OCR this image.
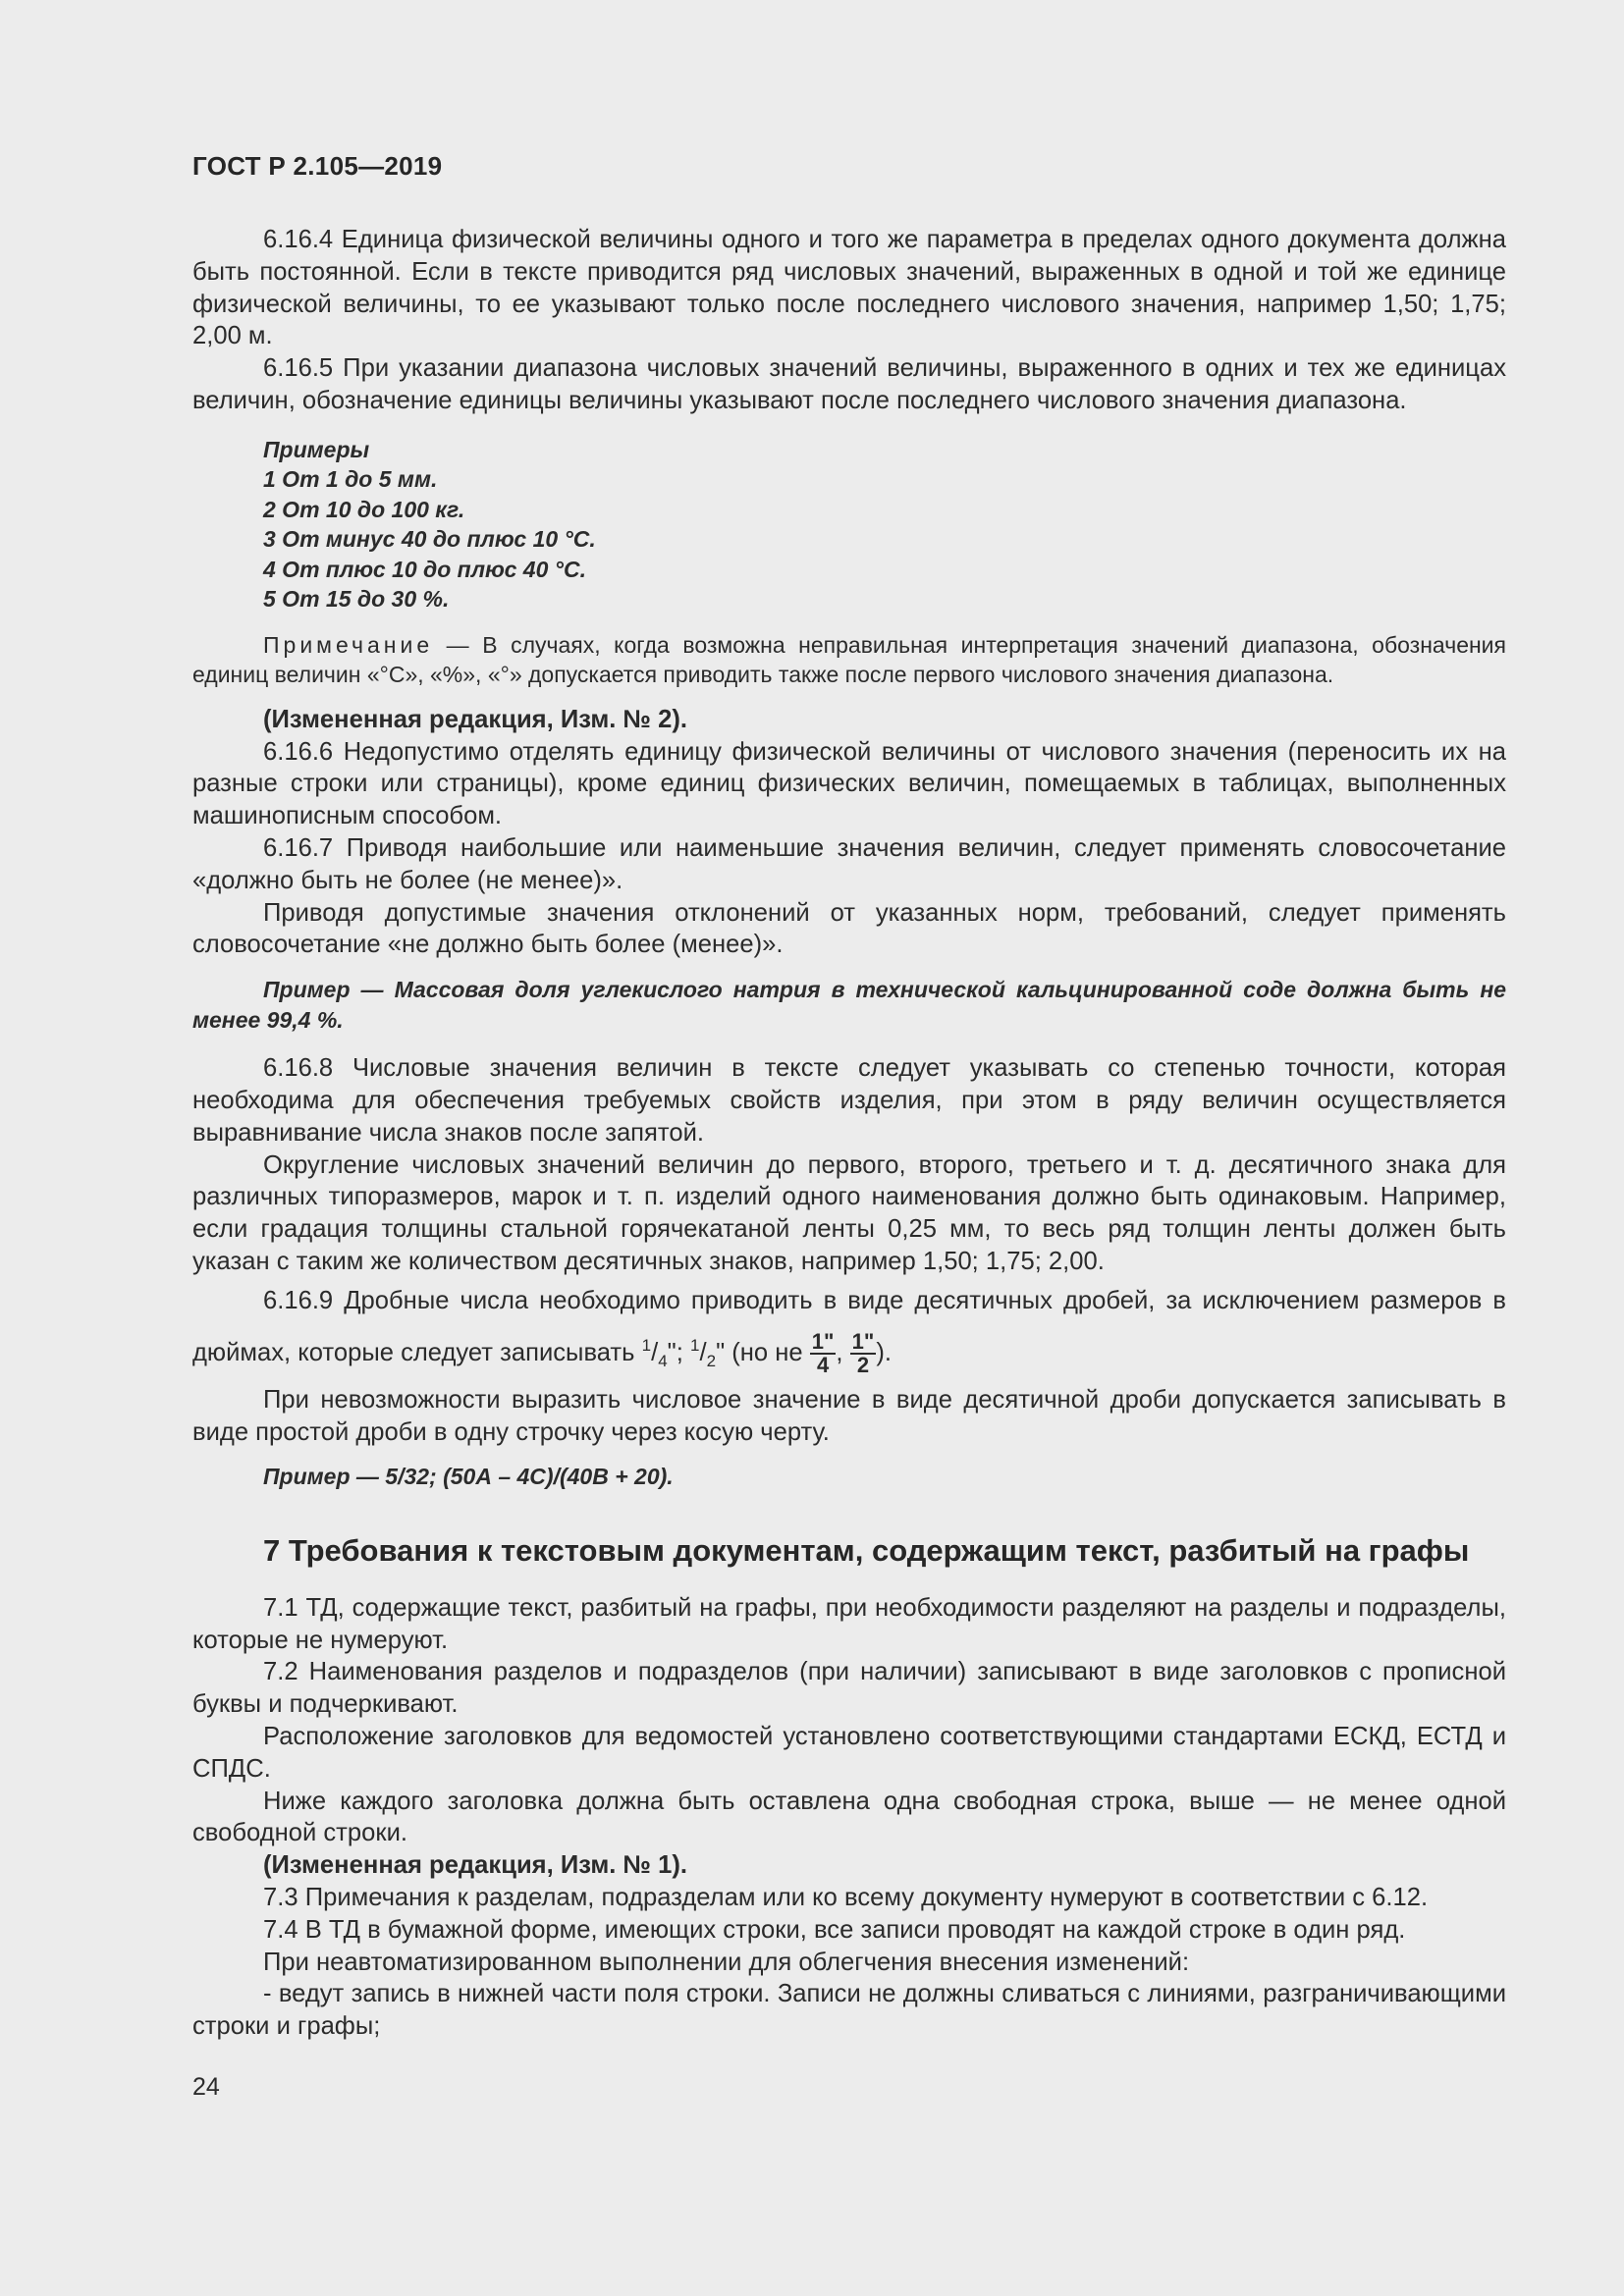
ГОСТ Р 2.105—2019

6.16.4 Единица физической величины одного и того же параметра в пределах одного документа должна быть постоянной. Если в тексте приводится ряд числовых значений, выраженных в одной и той же единице физической величины, то ее указывают только после последнего числового значения, например 1,50; 1,75; 2,00 м.

6.16.5 При указании диапазона числовых значений величины, выраженного в одних и тех же единицах величин, обозначение единицы величины указывают после последнего числового значения диапазона.

Примеры
1 От 1 до 5 мм.
2 От 10 до 100 кг.
3 От минус 40 до плюс 10 °C.
4 От плюс 10 до плюс 40 °C.
5 От 15 до 30 %.
Примечание — В случаях, когда возможна неправильная интерпретация значений диапазона, обозначения единиц величин «°С», «%», «°» допускается приводить также после первого числового значения диапазона.

(Измененная редакция, Изм. № 2).

6.16.6 Недопустимо отделять единицу физической величины от числового значения (переносить их на разные строки или страницы), кроме единиц физических величин, помещаемых в таблицах, выполненных машинописным способом.

6.16.7 Приводя наибольшие или наименьшие значения величин, следует применять словосочетание «должно быть не более (не менее)».

Приводя допустимые значения отклонений от указанных норм, требований, следует применять словосочетание «не должно быть более (менее)».

Пример — Массовая доля углекислого натрия в технической кальцинированной соде должна быть не менее 99,4 %.

6.16.8 Числовые значения величин в тексте следует указывать со степенью точности, которая необходима для обеспечения требуемых свойств изделия, при этом в ряду величин осуществляется выравнивание числа знаков после запятой.

Округление числовых значений величин до первого, второго, третьего и т. д. десятичного знака для различных типоразмеров, марок и т. п. изделий одного наименования должно быть одинаковым. Например, если градация толщины стальной горячекатаной ленты 0,25 мм, то весь ряд толщин ленты должен быть указан с таким же количеством десятичных знаков, например 1,50; 1,75; 2,00.

6.16.9 Дробные числа необходимо приводить в виде десятичных дробей, за исключением размеров в дюймах, которые следует записывать $^1/_4$"; $^1/_2$" (но не $\frac{1"}{4}$ , $\frac{1"}{2}$ ).

При невозможности выразить числовое значение в виде десятичной дроби допускается записывать в виде простой дроби в одну строчку через косую черту.

Пример — 5/32; (50А – 4С)/(40В + 20).

7 Требования к текстовым документам, содержащим текст, разбитый на графы

7.1 ТД, содержащие текст, разбитый на графы, при необходимости разделяют на разделы и подразделы, которые не нумеруют.

7.2 Наименования разделов и подразделов (при наличии) записывают в виде заголовков с прописной буквы и подчеркивают.

Расположение заголовков для ведомостей установлено соответствующими стандартами ЕСКД, ЕСТД и СПДС.

Ниже каждого заголовка должна быть оставлена одна свободная строка, выше — не менее одной свободной строки.

(Измененная редакция, Изм. № 1).

7.3 Примечания к разделам, подразделам или ко всему документу нумеруют в соответствии с 6.12.

7.4 В ТД в бумажной форме, имеющих строки, все записи проводят на каждой строке в один ряд.

При неавтоматизированном выполнении для облегчения внесения изменений:

- ведут запись в нижней части поля строки. Записи не должны сливаться с линиями, разграничивающими строки и графы;

24
